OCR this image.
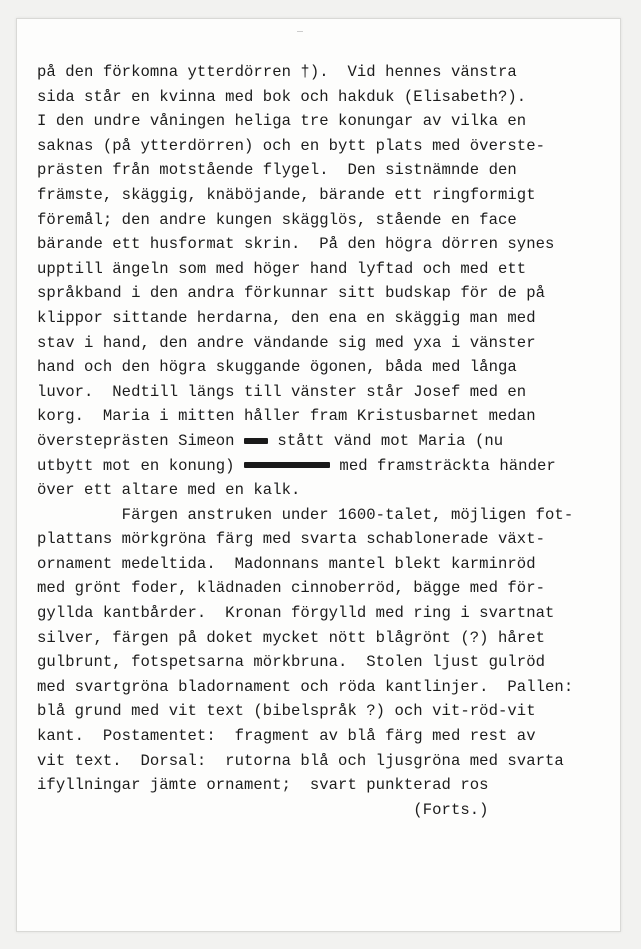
på den förkomna ytterdörren †).  Vid hennes vänstra
sida står en kvinna med bok och hakduk (Elisabeth?).
I den undre våningen heliga tre konungar av vilka en
saknas (på ytterdörren) och en bytt plats med överste-
prästen från motstående flygel.  Den sistnämnde den
främste, skäggig, knäböjande, bärande ett ringformigt
föremål; den andre kungen skägglös, stående en face
bärande ett husformat skrin.  På den högra dörren synes
upptill ängeln som med höger hand lyftad och med ett
språkband i den andra förkunnar sitt budskap för de på
klippor sittande herdarna, den ena en skäggig man med
stav i hand, den andre vändande sig med yxa i vänster
hand och den högra skuggande ögonen, båda med långa
luvor.  Nedtill längs till vänster står Josef med en
korg.  Maria i mitten håller fram Kristusbarnet medan
översteprästen Simeon  stått vänd mot Maria (nu
utbytt mot en konung)	med framsträckta händer
över ett altare med en kalk.
Färgen anstruken under 1600-talet, möjligen fot-
plattans mörkgröna färg med svarta schablonerade växt-
ornament medeltida.  Madonnans mantel blekt karminröd
med grönt foder, klädnaden cinnoberröd, bägge med för-
gyllda kantbårder.  Kronan förgylld med ring i svartnat
silver, färgen på doket mycket nött blågrönt (?) håret
gulbrunt, fotspetsarna mörkbruna.  Stolen ljust gulröd
med svartgröna bladornament och röda kantlinjer.  Pallen:
blå grund med vit text (bibelspråk ?) och vit-röd-vit
kant.  Postamentet:  fragment av blå färg med rest av
vit text.  Dorsal:  rutorna blå och ljusgröna med svarta
ifyllningar jämte ornament;  svart punkterad ros
(Forts.)
